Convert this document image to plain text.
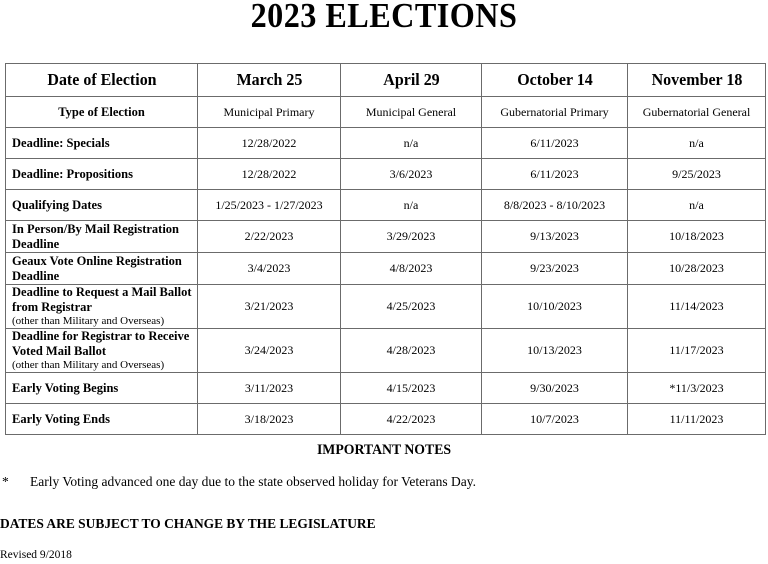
2023 ELECTIONS
Date of Election	March 25	April 29	October 14	November 18
Type of Election	Municipal Primary	Municipal General	Gubernatorial Primary	Gubernatorial General
Deadline: Specials	12/28/2022	n/a	6/11/2023	n/a
Deadline: Propositions	12/28/2022	3/6/2023	6/11/2023	9/25/2023
Qualifying Dates	1/25/2023 - 1/27/2023	n/a	8/8/2023 - 8/10/2023	n/a
In Person/By Mail Registration Deadline	2/22/2023	3/29/2023	9/13/2023	10/18/2023
Geaux Vote Online Registration Deadline	3/4/2023	4/8/2023	9/23/2023	10/28/2023
Deadline to Request a Mail Ballot from Registrar
(other than Military and Overseas)	3/21/2023	4/25/2023	10/10/2023	11/14/2023
Deadline for Registrar to Receive Voted Mail Ballot
(other than Military and Overseas)	3/24/2023	4/28/2023	10/13/2023	11/17/2023
Early Voting Begins	3/11/2023	4/15/2023	9/30/2023	*11/3/2023
Early Voting Ends	3/18/2023	4/22/2023	10/7/2023	11/11/2023
IMPORTANT NOTES
* Early Voting advanced one day due to the state observed holiday for Veterans Day.
DATES ARE SUBJECT TO CHANGE BY THE LEGISLATURE
Revised 9/2018
